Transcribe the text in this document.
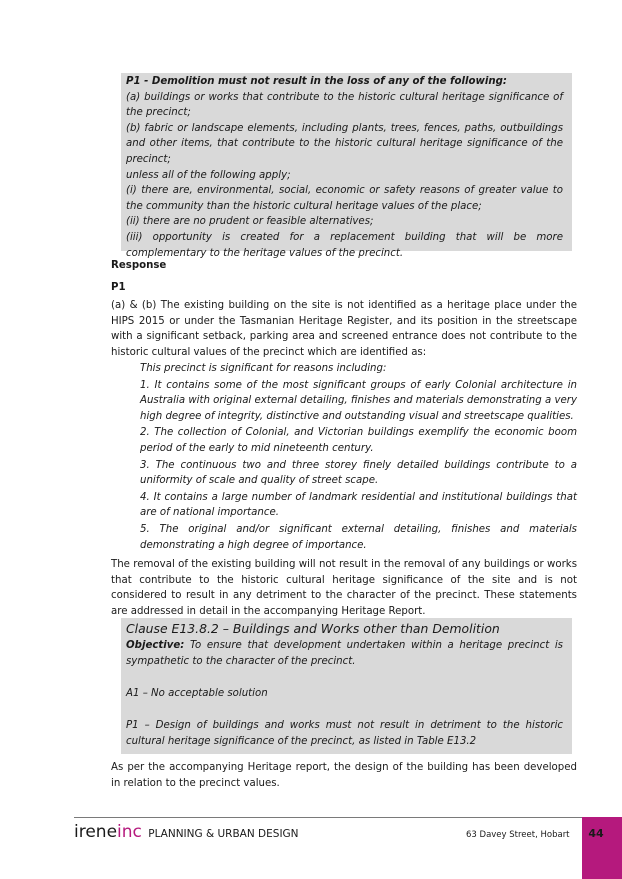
P1 - Demolition must not result in the loss of any of the following:
(a) buildings or works that contribute to the historic cultural heritage significance of the precinct;
(b) fabric or landscape elements, including plants, trees, fences, paths, outbuildings and other items, that contribute to the historic cultural heritage significance of the precinct;
unless all of the following apply;
(i) there are, environmental, social, economic or safety reasons of greater value to the community than the historic cultural heritage values of the place;
(ii) there are no prudent or feasible alternatives;
(iii) opportunity is created for a replacement building that will be more complementary to the heritage values of the precinct.
Response
P1
(a) & (b) The existing building on the site is not identified as a heritage place under the HIPS 2015 or under the Tasmanian Heritage Register, and its position in the streetscape with a significant setback, parking area and screened entrance does not contribute to the historic cultural values of the precinct which are identified as:

This precinct is significant for reasons including:

1. It contains some of the most significant groups of early Colonial architecture in Australia with original external detailing, finishes and materials demonstrating a very high degree of integrity, distinctive and outstanding visual and streetscape qualities.

2. The collection of Colonial, and Victorian buildings exemplify the economic boom period of the early to mid nineteenth century.

3. The continuous two and three storey finely detailed buildings contribute to a uniformity of scale and quality of street scape.

4. It contains a large number of landmark residential and institutional buildings that are of national importance.

5. The original and/or significant external detailing, finishes and materials demonstrating a high degree of importance.

The removal of the existing building will not result in the removal of any buildings or works that contribute to the historic cultural heritage significance of the site and is not considered to result in any detriment to the character of the precinct. These statements are addressed in detail in the accompanying Heritage Report.
Clause E13.8.2 – Buildings and Works other than Demolition
Objective: To ensure that development undertaken within a heritage precinct is sympathetic to the character of the precinct.
A1 – No acceptable solution
P1 – Design of buildings and works must not result in detriment to the historic cultural heritage significance of the precinct, as listed in Table E13.2
As per the accompanying Heritage report, the design of the building has been developed in relation to the precinct values.
ireneinc PLANNING & URBAN DESIGN	63 Davey Street, Hobart	44
